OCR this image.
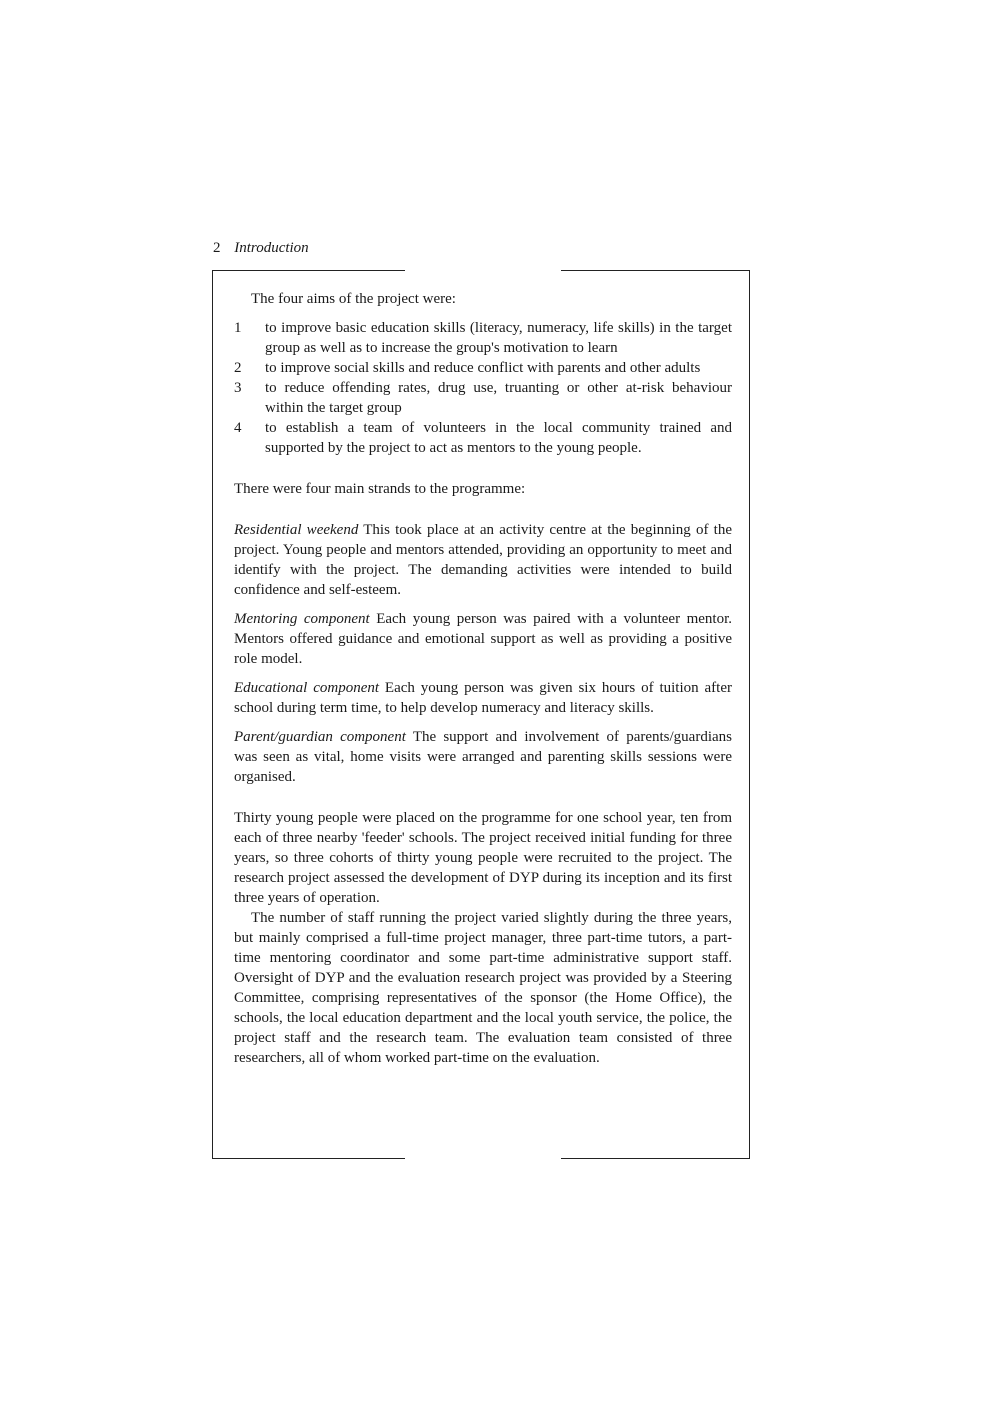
2 Introduction

The four aims of the project were:

1 to improve basic education skills (literacy, numeracy, life skills) in the target group as well as to increase the group's motivation to learn
2 to improve social skills and reduce conflict with parents and other adults
3 to reduce offending rates, drug use, truanting or other at-risk behaviour within the target group
4 to establish a team of volunteers in the local community trained and supported by the project to act as mentors to the young people.

There were four main strands to the programme:

Residential weekend This took place at an activity centre at the beginning of the project. Young people and mentors attended, providing an opportunity to meet and identify with the project. The demanding activities were intended to build confidence and self-esteem.

Mentoring component Each young person was paired with a volunteer mentor. Mentors offered guidance and emotional support as well as providing a positive role model.

Educational component Each young person was given six hours of tuition after school during term time, to help develop numeracy and literacy skills.

Parent/guardian component The support and involvement of parents/guardians was seen as vital, home visits were arranged and parenting skills sessions were organised.

Thirty young people were placed on the programme for one school year, ten from each of three nearby 'feeder' schools. The project received initial funding for three years, so three cohorts of thirty young people were recruited to the project. The research project assessed the development of DYP during its inception and its first three years of operation.

The number of staff running the project varied slightly during the three years, but mainly comprised a full-time project manager, three part-time tutors, a part-time mentoring coordinator and some part-time administrative support staff. Oversight of DYP and the evaluation research project was provided by a Steering Committee, comprising representatives of the sponsor (the Home Office), the schools, the local education department and the local youth service, the police, the project staff and the research team. The evaluation team consisted of three researchers, all of whom worked part-time on the evaluation.
